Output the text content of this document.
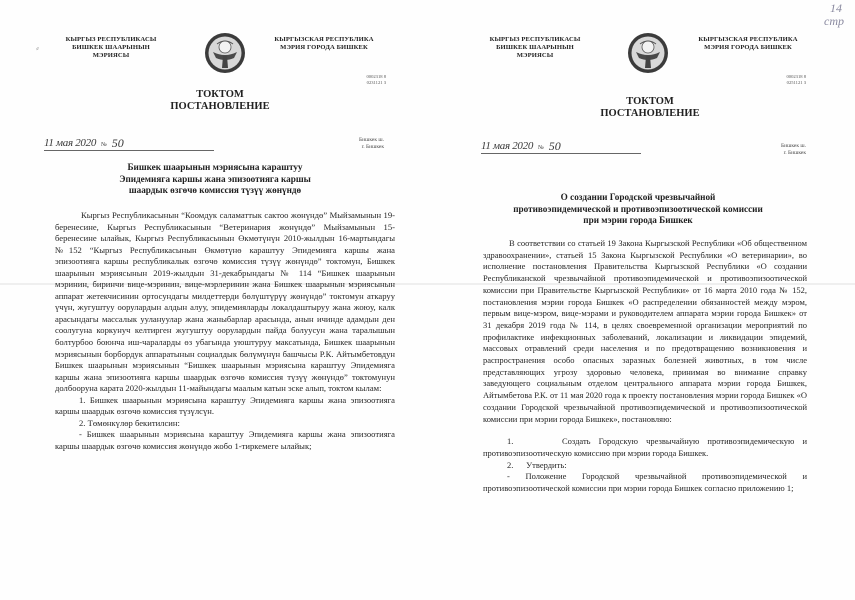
⸗
КЫРГЫЗ РЕСПУБЛИКАСЫ
БИШКЕК ШААРЫНЫН
МЭРИЯСЫ
КЫРГЫЗСКАЯ РЕСПУБЛИКА
МЭРИЯ ГОРОДА БИШКЕК
0002318 8
0231121 3
ТОКТОМ
ПОСТАНОВЛЕНИЕ
11 мая 2020 № 50	Бишкек ш.
г. Бишкек
Бишкек шаарынын мэриясына караштуу
Эпидемияга каршы жана эпизоотияга каршы
шаардык өзгөчө комиссия түзүү жөнүндө

Кыргыз Республикасынын “Коомдук саламаттык сактоо жөнүндө” Мыйзамынын 19-беренесине, Кыргыз Республикасынын “Ветеринария жөнүндө” Мыйзамынын 15-беренесине ылайык, Кыргыз Республикасынын Өкмөтүнүн 2010-жылдын 16-мартындагы №152 “Кыргыз Республикасынын Өкмөтүнө караштуу Эпидемияга каршы жана эпизоотияга каршы республикалык өзгөчө комиссия түзүү жөнүндө” токтомун, Бишкек шаарынын мэриясынын 2019-жылдын 31-декабрындагы № 114 “Бишкек шаарынын мэринин, биринчи вице-мэринин, вице-мэрлеринин жана Бишкек шаарынын мэриясынын аппарат жетекчисинин ортосундагы милдеттерди бөлүштүрүү жөнүндө” токтомун аткаруу үчүн, жугуштуу оорулардын алдын алуу, эпидемияларды локалдаштыруу жана жоюу, калк арасындагы массалык уулануулар жана жаныбарлар арасында, анын ичинде адамдын ден соолугуна коркунуч келтирген жугуштуу оорулардын пайда болуусун жана таралышын болтурбоо боюнча иш-чараларды өз убагында уюштуруу максатында, Бишкек шаарынын мэриясынын борбордук аппаратынын социалдык бөлүмүнүн башчысы Р.К. Айтымбетовдун Бишкек шаарынын мэриясынын “Бишкек шаарынын мэриясына караштуу Эпидемияга каршы жана эпизоотияга каршы шаардык өзгөчө комиссия түзүү жөнүндө” токтомунун долбооруна карата 2020-жылдын 11-майындагы маалым катын эске алып, токтом кылам:

1. Бишкек шаарынын мэриясына караштуу Эпидемияга каршы жана эпизоотияга каршы шаардык өзгөчө комиссия түзүлсүн.

2. Төмөнкүлөр бекитилсин:

- Бишкек шаарынын мэриясына караштуу Эпидемияга каршы жана эпизоотияга каршы шаардык өзгөчө комиссия жөнүндө жобо 1-тиркемеге ылайык;

14
стр
КЫРГЫЗ РЕСПУБЛИКАСЫ
БИШКЕК ШААРЫНЫН
МЭРИЯСЫ
КЫРГЫЗСКАЯ РЕСПУБЛИКА
МЭРИЯ ГОРОДА БИШКЕК
0002318 8
0251121 3
ТОКТОМ
ПОСТАНОВЛЕНИЕ
11 мая 2020 № 50	Бишкек ш.
г. Бишкек
О создании Городской чрезвычайной
противоэпидемической и противоэпизоотической комиссии
при мэрии города Бишкек

В соответствии со статьей 19 Закона Кыргызской Республики «Об общественном здравоохранении», статьей 15 Закона Кыргызской Республики «О ветеринарии», во исполнение постановления Правительства Кыргызской Республики «О создании Республиканской чрезвычайной противоэпидемической и противоэпизоотической комиссии при Правительстве Кыргызской Республики» от 16 марта 2010 года № 152, постановления мэрии города Бишкек «О распределении обязанностей между мэром, первым вице-мэром, вице-мэрами и руководителем аппарата мэрии города Бишкек» от 31 декабря 2019 года № 114, в целях своевременной организации мероприятий по профилактике инфекционных заболеваний, локализации и ликвидации эпидемий, массовых отравлений среди населения и по предотвращению возникновения и распространения особо опасных заразных болезней животных, в том числе представляющих угрозу здоровью человека, принимая во внимание справку заведующего социальным отделом центрального аппарата мэрии города Бишкек, Айтымбетова Р.К. от 11 мая 2020 года к проекту постановления мэрии города Бишкек «О создании Городской чрезвычайной противоэпидемической и противоэпизоотической комиссии при мэрии города Бишкек», постановляю:

1.      Создать Городскую чрезвычайную противоэпидемическую и противоэпизоотическую комиссию при мэрии города Бишкек.

2.      Утвердить:

- Положение Городской чрезвычайной противоэпидемической и противоэпизоотической комиссии при мэрии города Бишкек согласно приложению 1;
